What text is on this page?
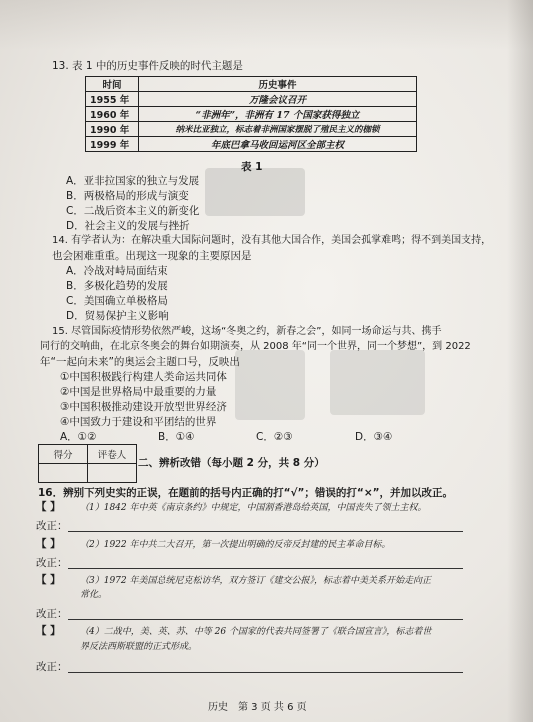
13. 表 1 中的历史事件反映的时代主题是
时间	历史事件
1955 年	万隆会议召开
1960 年	“非洲年”，非洲有 17 个国家获得独立
1990 年	纳米比亚独立，标志着非洲国家摆脱了殖民主义的枷锁
1999 年	年底巴拿马收回运河区全部主权
表 1
A．亚非拉国家的独立与发展
B．两极格局的形成与演变
C．二战后资本主义的新变化
D．社会主义的发展与挫折
14. 有学者认为：在解决重大国际问题时，没有其他大国合作，美国会孤掌难鸣；得不到美国支持，
也会困难重重。出现这一现象的主要原因是
A．冷战对峙局面结束
B．多极化趋势的发展
C．美国确立单极格局
D．贸易保护主义影响
15. 尽管国际疫情形势依然严峻，这场“冬奥之约，新春之会”，如同一场命运与共、携手
同行的交响曲，在北京冬奥会的舞台如期演奏，从 2008 年“同一个世界，同一个梦想”，到 2022
年“一起向未来”的奥运会主题口号，反映出
①中国积极践行构建人类命运共同体
②中国是世界格局中最重要的力量
③中国积极推动建设开放型世界经济
④中国致力于建设和平团结的世界
A．①②	B．①④	C．②③	D．③④
得分	评卷人

二、辨析改错（每小题 2 分，共 8 分）
16．辨别下列史实的正误，在题前的括号内正确的打“√”；错误的打“×”，并加以改正。
【 】 （1）1842 年中英《南京条约》中规定，中国割香港岛给英国，中国丧失了领土主权。
改正：
【 】 （2）1922 年中共二大召开，第一次提出明确的反帝反封建的民主革命目标。
改正：
【 】 （3）1972 年美国总统尼克松访华，双方签订《建交公报》，标志着中美关系开始走向正
常化。
改正：
【 】 （4）二战中，美、英、苏、中等 26 个国家的代表共同签署了《联合国宣言》，标志着世
界反法西斯联盟的正式形成。
改正：
历史　第 3 页 共 6 页
